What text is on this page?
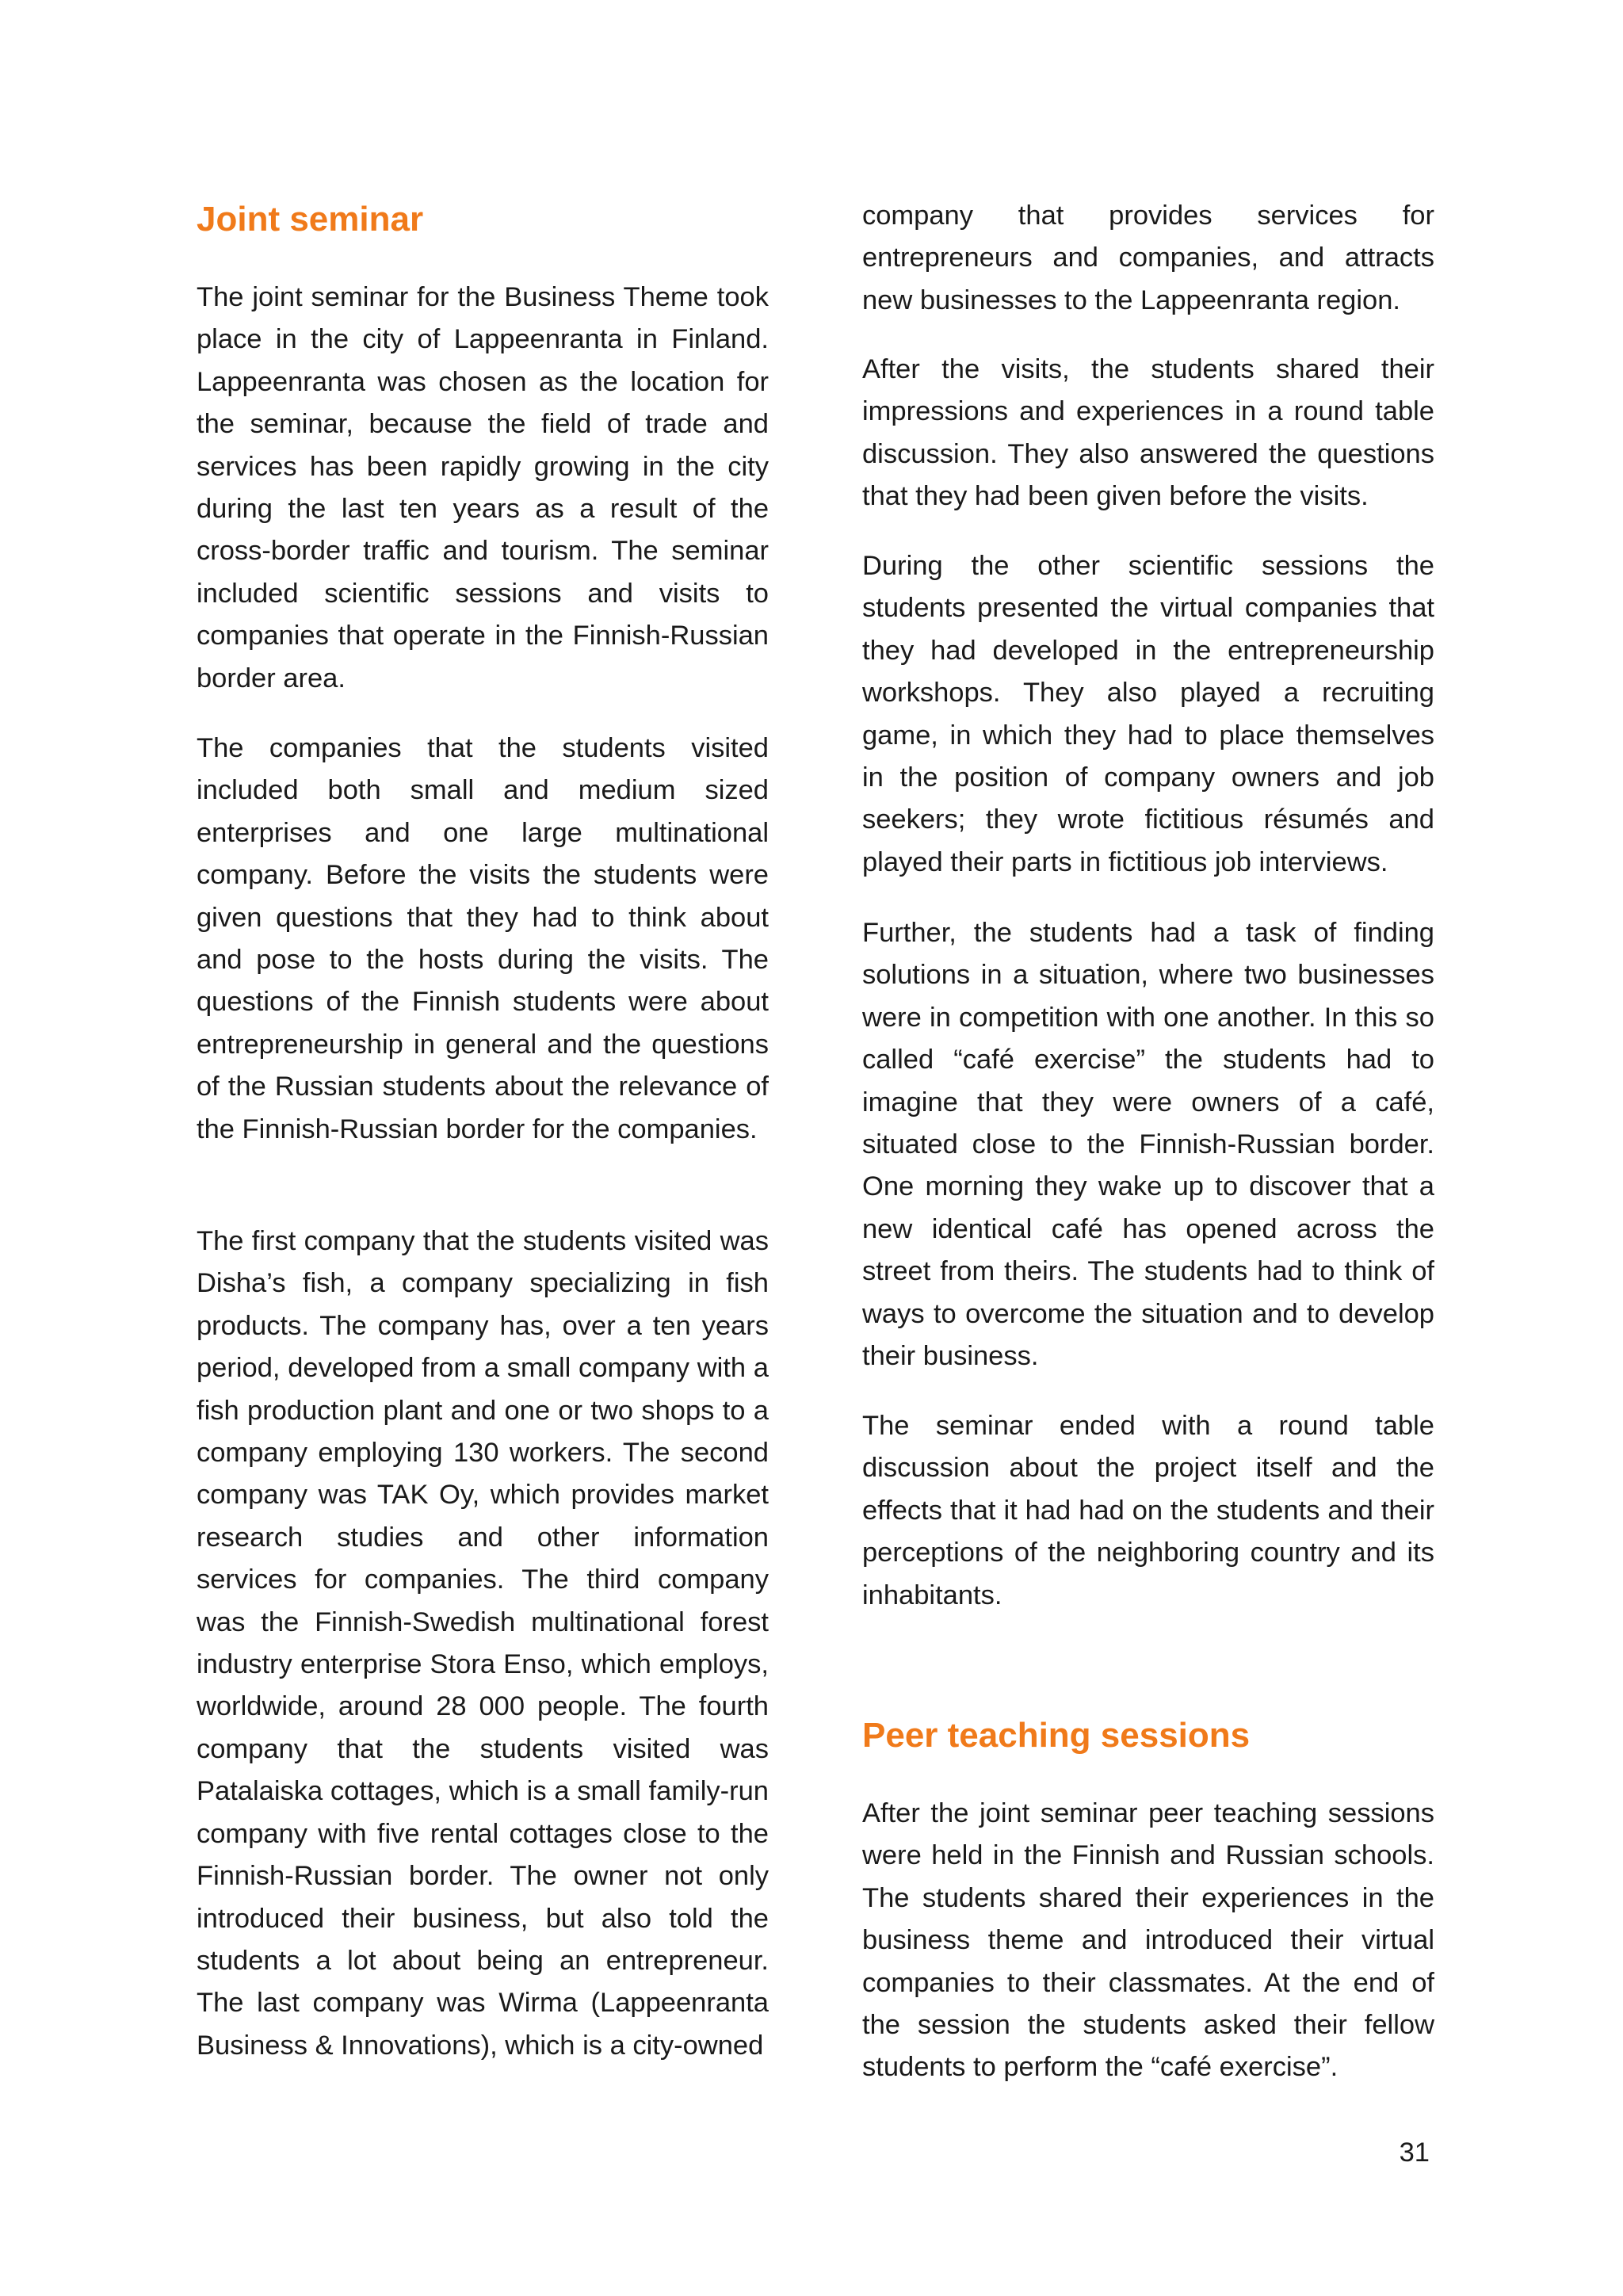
Joint seminar

The joint seminar for the Business Theme took place in the city of Lappeenranta in Finland. Lappeenranta was chosen as the location for the seminar, because the field of trade and services has been rapidly growing in the city during the last ten years as a result of the cross-border traffic and tourism. The seminar included scientific sessions and visits to companies that operate in the Finnish-Russian border area.

The companies that the students visited included both small and medium sized enterprises and one large multinational company. Before the visits the students were given questions that they had to think about and pose to the hosts during the visits. The questions of the Finnish students were about entrepreneurship in general and the questions of the Russian students about the relevance of the Finnish-Russian border for the companies.

The first company that the students visited was Disha’s fish, a company specializing in fish products. The company has, over a ten years period, developed from a small company with a fish production plant and one or two shops to a company employing 130 workers. The second company was TAK Oy, which provides market research studies and other information services for companies. The third company was the Finnish-Swedish multinational forest industry enterprise Stora Enso, which employs, worldwide, around 28 000 people. The fourth company that the students visited was Patalaiska cottages, which is a small family-run company with five rental cottages close to the Finnish-Russian border. The owner not only introduced their business, but also told the students a lot about being an entrepreneur. The last company was Wirma (Lappeenranta Business & Innovations), which is a city-owned

company that provides services for entrepreneurs and companies, and attracts new businesses to the Lappeenranta region.

After the visits, the students shared their impressions and experiences in a round table discussion. They also answered the questions that they had been given before the visits.

During the other scientific sessions the students presented the virtual companies that they had developed in the entrepreneurship workshops. They also played a recruiting game, in which they had to place themselves in the position of company owners and job seekers; they wrote fictitious résumés and played their parts in fictitious job interviews.

Further, the students had a task of finding solutions in a situation, where two businesses were in competition with one another. In this so called “café exercise” the students had to imagine that they were owners of a café, situated close to the Finnish-Russian border. One morning they wake up to discover that a new identical café has opened across the street from theirs. The students had to think of ways to overcome the situation and to develop their business.

The seminar ended with a round table discussion about the project itself and the effects that it had had on the students and their perceptions of the neighboring country and its inhabitants.

Peer teaching sessions

After the joint seminar peer teaching sessions were held in the Finnish and Russian schools. The students shared their experiences in the business theme and introduced their virtual companies to their classmates. At the end of the session the students asked their fellow students to perform the “café exercise”.

31
